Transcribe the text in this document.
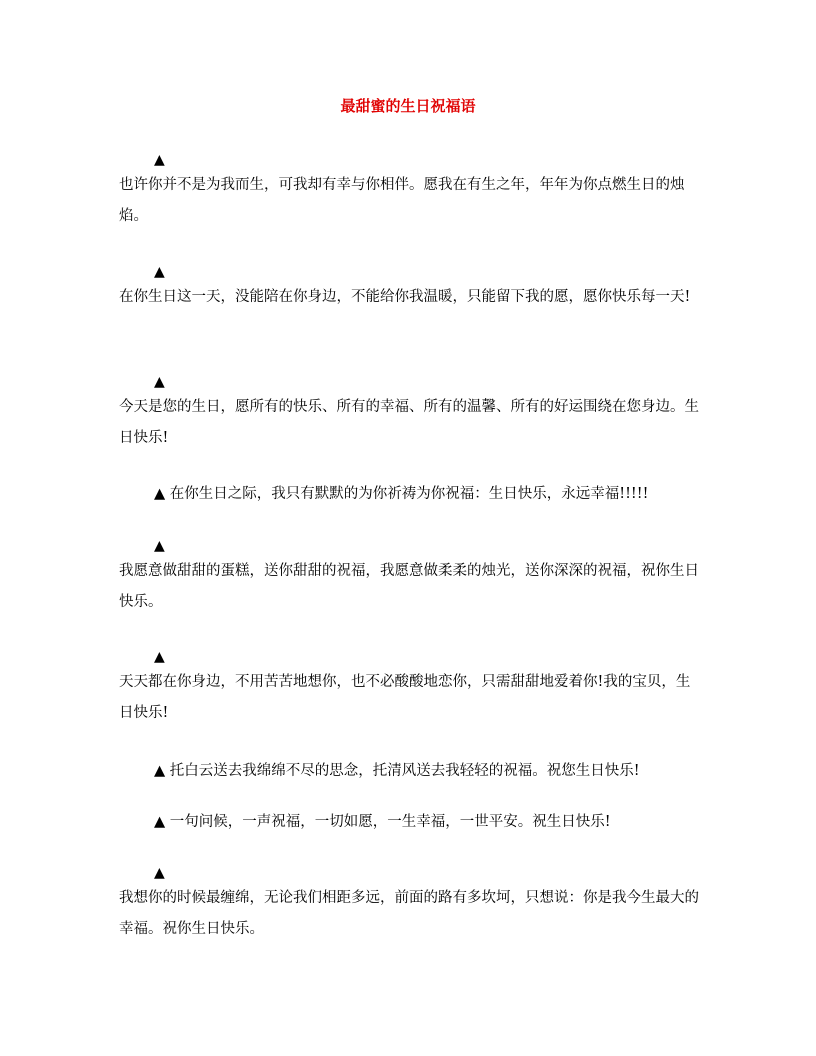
最甜蜜的生日祝福语
▲

也许你并不是为我而生，可我却有幸与你相伴。愿我在有生之年，年年为你点燃生日的烛焰。

▲

在你生日这一天，没能陪在你身边，不能给你我温暖，只能留下我的愿，愿你快乐每一天!

▲

今天是您的生日，愿所有的快乐、所有的幸福、所有的温馨、所有的好运围绕在您身边。生日快乐!

▲ 在你生日之际，我只有默默的为你祈祷为你祝福：生日快乐，永远幸福!!!!!
▲

我愿意做甜甜的蛋糕，送你甜甜的祝福，我愿意做柔柔的烛光，送你深深的祝福，祝你生日快乐。

▲

天天都在你身边，不用苦苦地想你，也不必酸酸地恋你，只需甜甜地爱着你!我的宝贝，生日快乐!

▲ 托白云送去我绵绵不尽的思念，托清风送去我轻轻的祝福。祝您生日快乐!
▲ 一句问候，一声祝福，一切如愿，一生幸福，一世平安。祝生日快乐!
▲

我想你的时候最缠绵，无论我们相距多远，前面的路有多坎坷，只想说：你是我今生最大的幸福。祝你生日快乐。
